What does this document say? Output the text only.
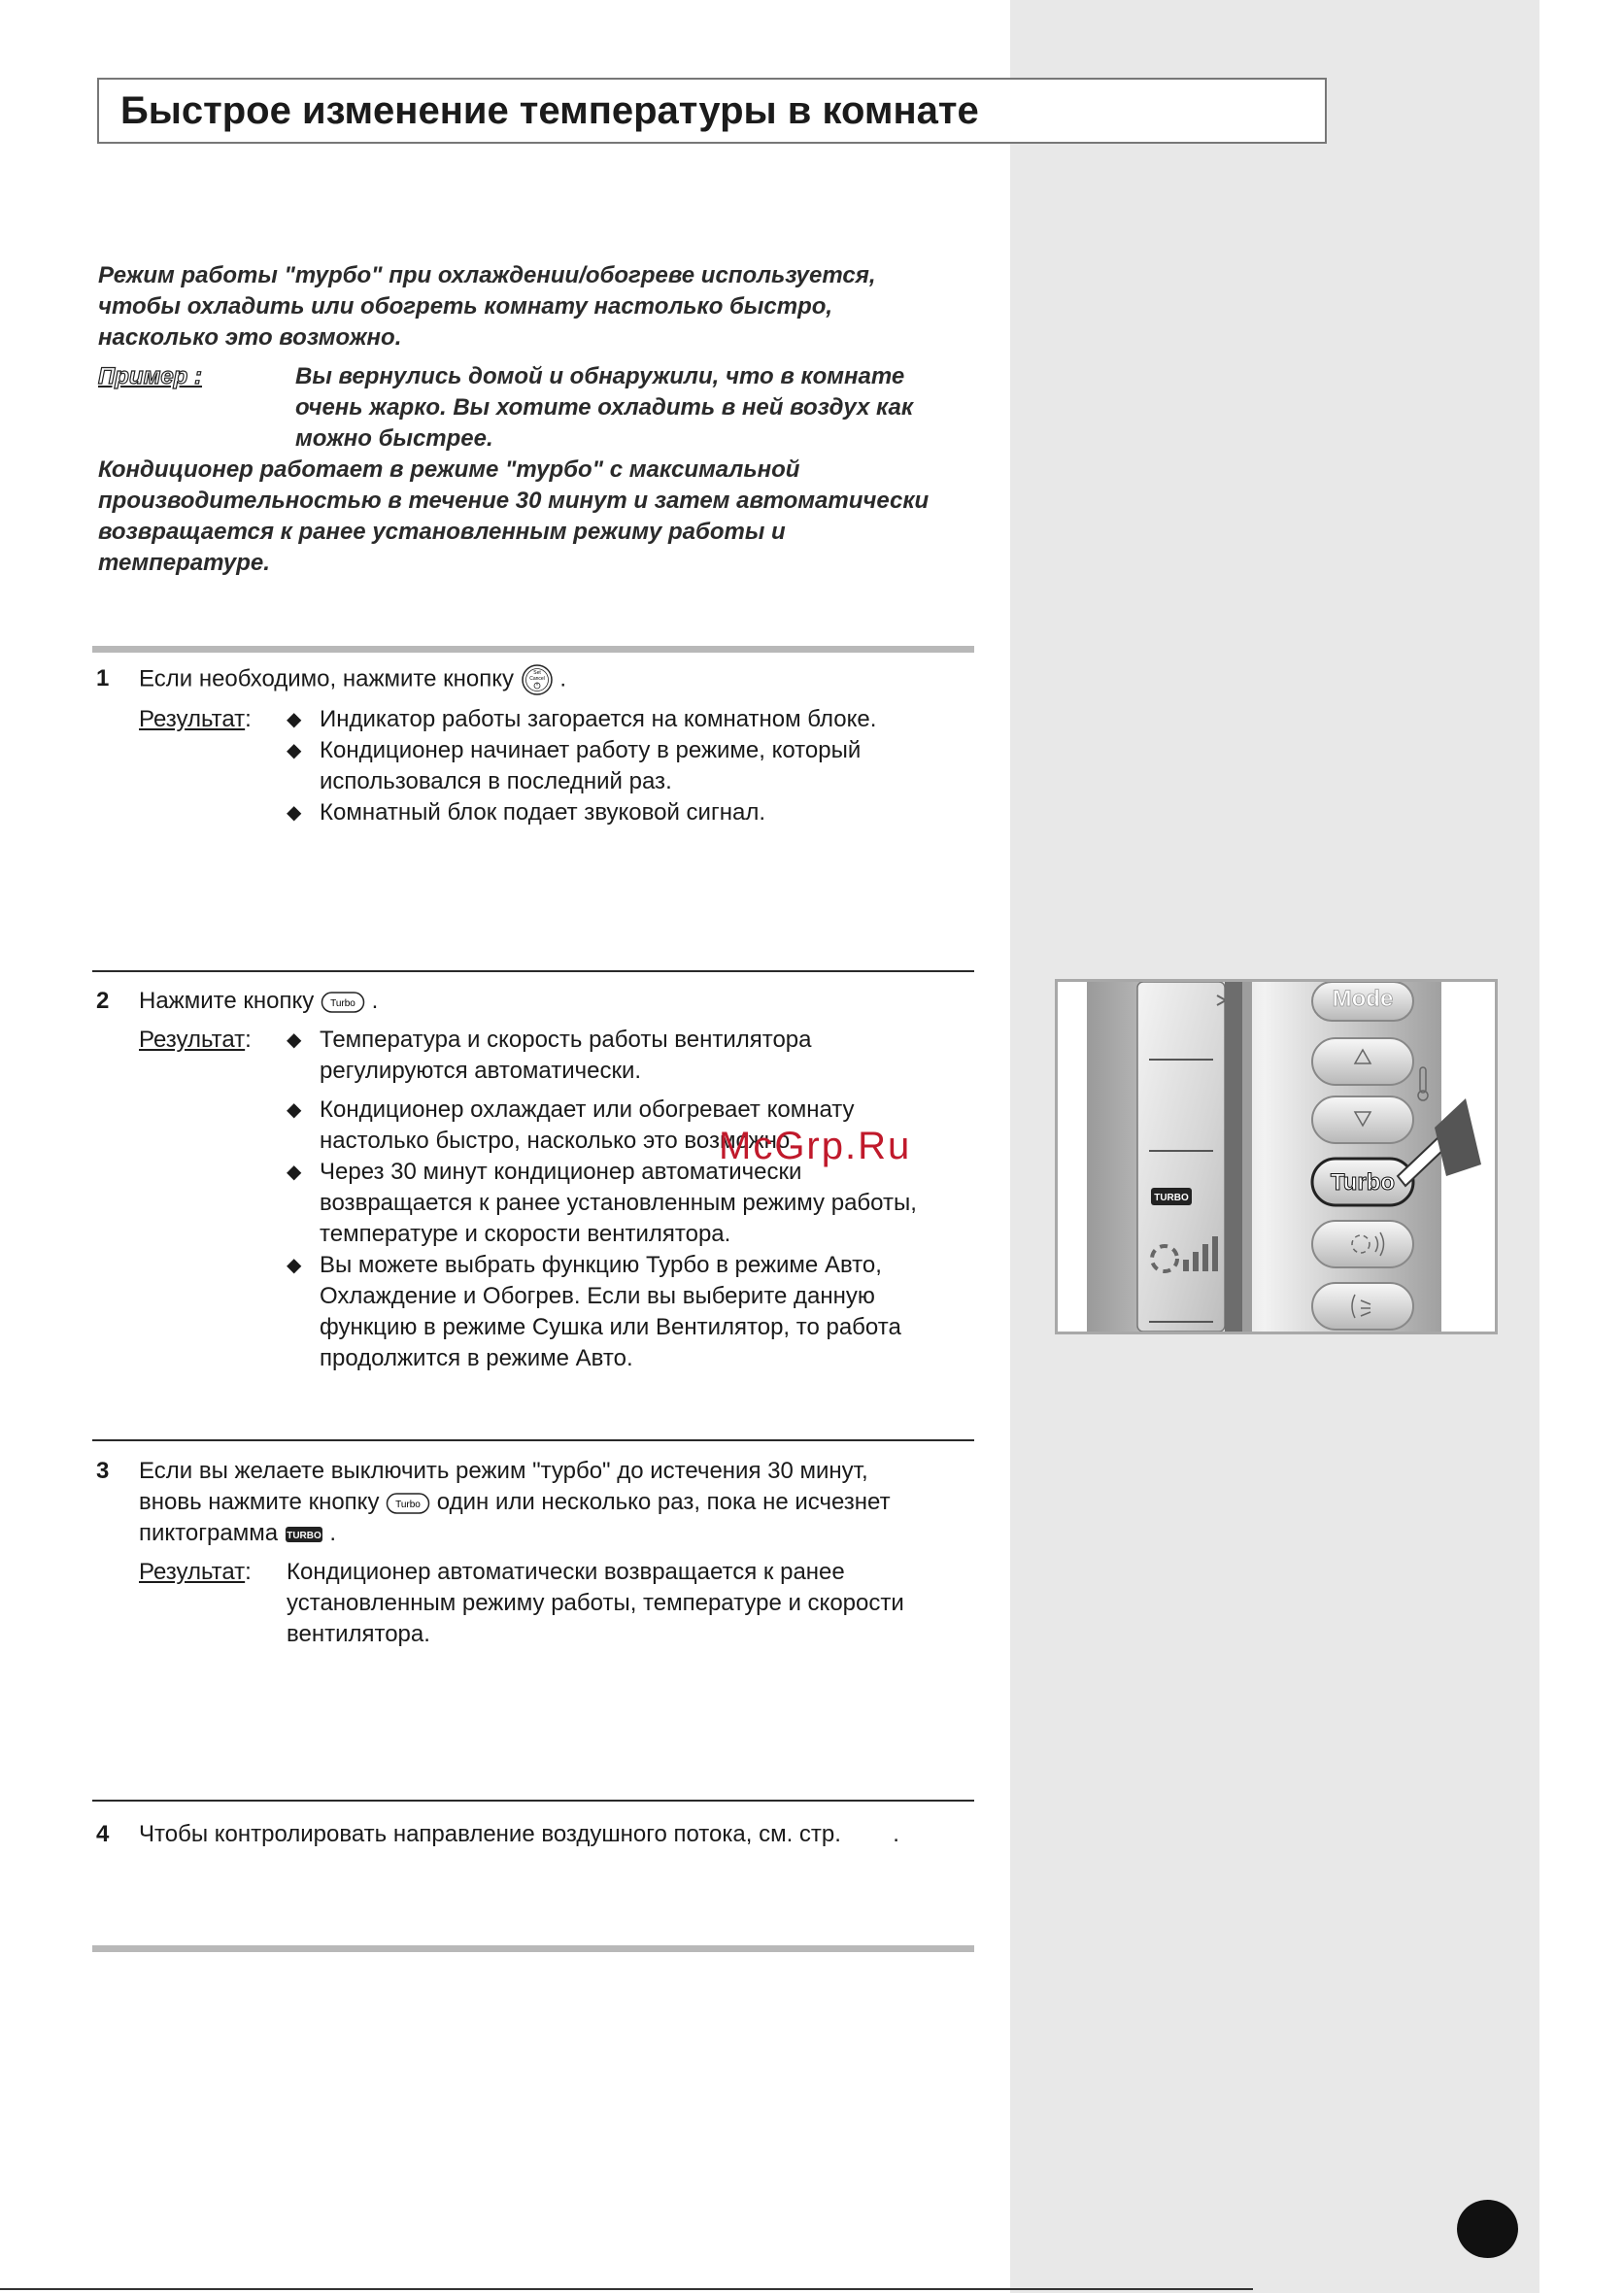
Быстрое изменение температуры в комнате

Режим работы "турбо" при охлаждении/обогреве используется,
чтобы охладить или обогреть комнату настолько быстро,
насколько это возможно.

Пример :	Вы вернулись домой и обнаружили, что в комнате
очень жарко. Вы хотите охладить в ней воздух как
можно быстрее.

Кондиционер работает в режиме "турбо" с максимальной
производительностью в течение 30 минут и затем автоматически
возвращается к ранее установленным режиму работы и
температуре.

1	Если необходимо, нажмите кнопку	Set
Cancel .
Результат:	◆ Индикатор работы загорается на комнатном блоке.
◆ Кондиционер начинает работу в режиме, который
использовался в последний раз.
◆ Комнатный блок подает звуковой сигнал.
2	Нажмите кнопку Turbo .
Результат:	◆ Температура и скорость работы вентилятора
регулируются автоматически.
◆ Кондиционер охлаждает или обогревает комнату
настолько быстро, насколько это возможно.
◆ Через 30 минут кондиционер автоматически
возвращается к ранее установленным режиму работы,
температуре и скорости вентилятора.
◆ Вы можете выбрать функцию Турбо в режиме Авто,
Охлаждение и Обогрев. Если вы выберите данную
функцию в режиме Сушка или Вентилятор, то работа
продолжится в режиме Авто.
3	Если вы желаете выключить режим "турбо" до истечения 30 минут,
вновь нажмите кнопку Turbo один или несколько раз, пока не исчезнет
пиктограмма TURBO .
Результат:	Кондиционер автоматически возвращается к ранее
установленным режиму работы, температуре и скорости
вентилятора.
4	Чтобы контролировать направление воздушного потока, см. стр. .
McGrp.Ru
TURBO
Mode
Turbo
